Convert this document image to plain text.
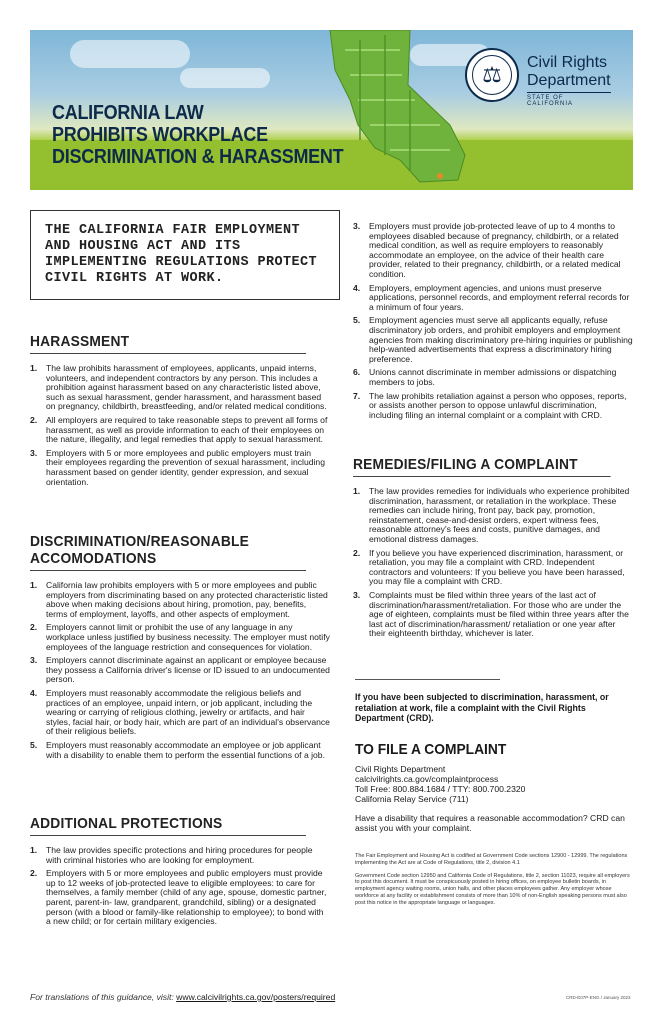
CALIFORNIA LAW
PROHIBITS WORKPLACE
DISCRIMINATION & HARASSMENT
⚖	Civil Rights
Department
STATE OF CALIFORNIA
THE CALIFORNIA FAIR EMPLOYMENT AND HOUSING ACT AND ITS IMPLEMENTING REGULATIONS PROTECT CIVIL RIGHTS AT WORK.
HARASSMENT
1. The law prohibits harassment of employees, applicants, unpaid interns, volunteers, and independent contractors by any person. This includes a prohibition against harassment based on any characteristic listed above, such as sexual harassment, gender harassment, and harassment based on pregnancy, childbirth, breastfeeding, and/or related medical conditions.
2. All employers are required to take reasonable steps to prevent all forms of harassment, as well as provide information to each of their employees on the nature, illegality, and legal remedies that apply to sexual harassment.
3. Employers with 5 or more employees and public employers must train their employees regarding the prevention of sexual harassment, including harassment based on gender identity, gender expression, and sexual orientation.
DISCRIMINATION/REASONABLE
ACCOMODATIONS
1. California law prohibits employers with 5 or more employees and public employers from discriminating based on any protected characteristic listed above when making decisions about hiring, promotion, pay, benefits, terms of employment, layoffs, and other aspects of employment.
2. Employers cannot limit or prohibit the use of any language in any workplace unless justified by business necessity. The employer must notify employees of the language restriction and consequences for violation.
3. Employers cannot discriminate against an applicant or employee because they possess a California driver's license or ID issued to an undocumented person.
4. Employers must reasonably accommodate the religious beliefs and practices of an employee, unpaid intern, or job applicant, including the wearing or carrying of religious clothing, jewelry or artifacts, and hair styles, facial hair, or body hair, which are part of an individual's observance of their religious beliefs.
5. Employers must reasonably accommodate an employee or job applicant with a disability to enable them to perform the essential functions of a job.
ADDITIONAL PROTECTIONS
1. The law provides specific protections and hiring procedures for people with criminal histories who are looking for employment.
2. Employers with 5 or more employees and public employers must provide up to 12 weeks of job-protected leave to eligible employees: to care for themselves, a family member (child of any age, spouse, domestic partner, parent, parent-in- law, grandparent, grandchild, sibling) or a designated person (with a blood or family-like relationship to employee); to bond with a new child; or for certain military exigencies.
3. Employers must provide job-protected leave of up to 4 months to employees disabled because of pregnancy, childbirth, or a related medical condition, as well as require employers to reasonably accommodate an employee, on the advice of their health care provider, related to their pregnancy, childbirth, or a related medical condition.
4. Employers, employment agencies, and unions must preserve applications, personnel records, and employment referral records for a minimum of four years.
5. Employment agencies must serve all applicants equally, refuse discriminatory job orders, and prohibit employers and employment agencies from making discriminatory pre-hiring inquiries or publishing help-wanted advertisements that express a discriminatory hiring preference.
6. Unions cannot discriminate in member admissions or dispatching members to jobs.
7. The law prohibits retaliation against a person who opposes, reports, or assists another person to oppose unlawful discrimination, including filing an internal complaint or a complaint with CRD.
REMEDIES/FILING A COMPLAINT
1. The law provides remedies for individuals who experience prohibited discrimination, harassment, or retaliation in the workplace. These remedies can include hiring, front pay, back pay, promotion, reinstatement, cease-and-desist orders, expert witness fees, reasonable attorney's fees and costs, punitive damages, and emotional distress damages.
2. If you believe you have experienced discrimination, harassment, or retaliation, you may file a complaint with CRD. Independent contractors and volunteers: If you believe you have been harassed, you may file a complaint with CRD.
3. Complaints must be filed within three years of the last act of discrimination/harassment/retaliation. For those who are under the age of eighteen, complaints must be filed within three years after the last act of discrimination/harassment/ retaliation or one year after their eighteenth birthday, whichever is later.
If you have been subjected to discrimination, harassment, or retaliation at work, file a complaint with the Civil Rights Department (CRD).
TO FILE A COMPLAINT

Civil Rights Department

calcivilrights.ca.gov/complaintprocess

Toll Free: 800.884.1684 / TTY: 800.700.2320

California Relay Service (711)

Have a disability that requires a reasonable accommodation? CRD can assist you with your complaint.

The Fair Employment and Housing Act is codified at Government Code sections 12900 - 12999. The regulations implementing the Act are at Code of Regulations, title 2, division 4.1

Government Code section 12950 and California Code of Regulations, title 2, section 11023, require all employers to post this document. It must be conspicuously posted in hiring offices, on employee bulletin boards, in employment agency waiting rooms, union halls, and other places employees gather. Any employer whose workforce at any facility or establishment consists of more than 10% of non-English speaking persons must also post this notice in the appropriate language or languages.

For translations of this guidance, visit: www.calcivilrights.ca.gov/posters/required	CRD-E07P-ENG / January 2023
